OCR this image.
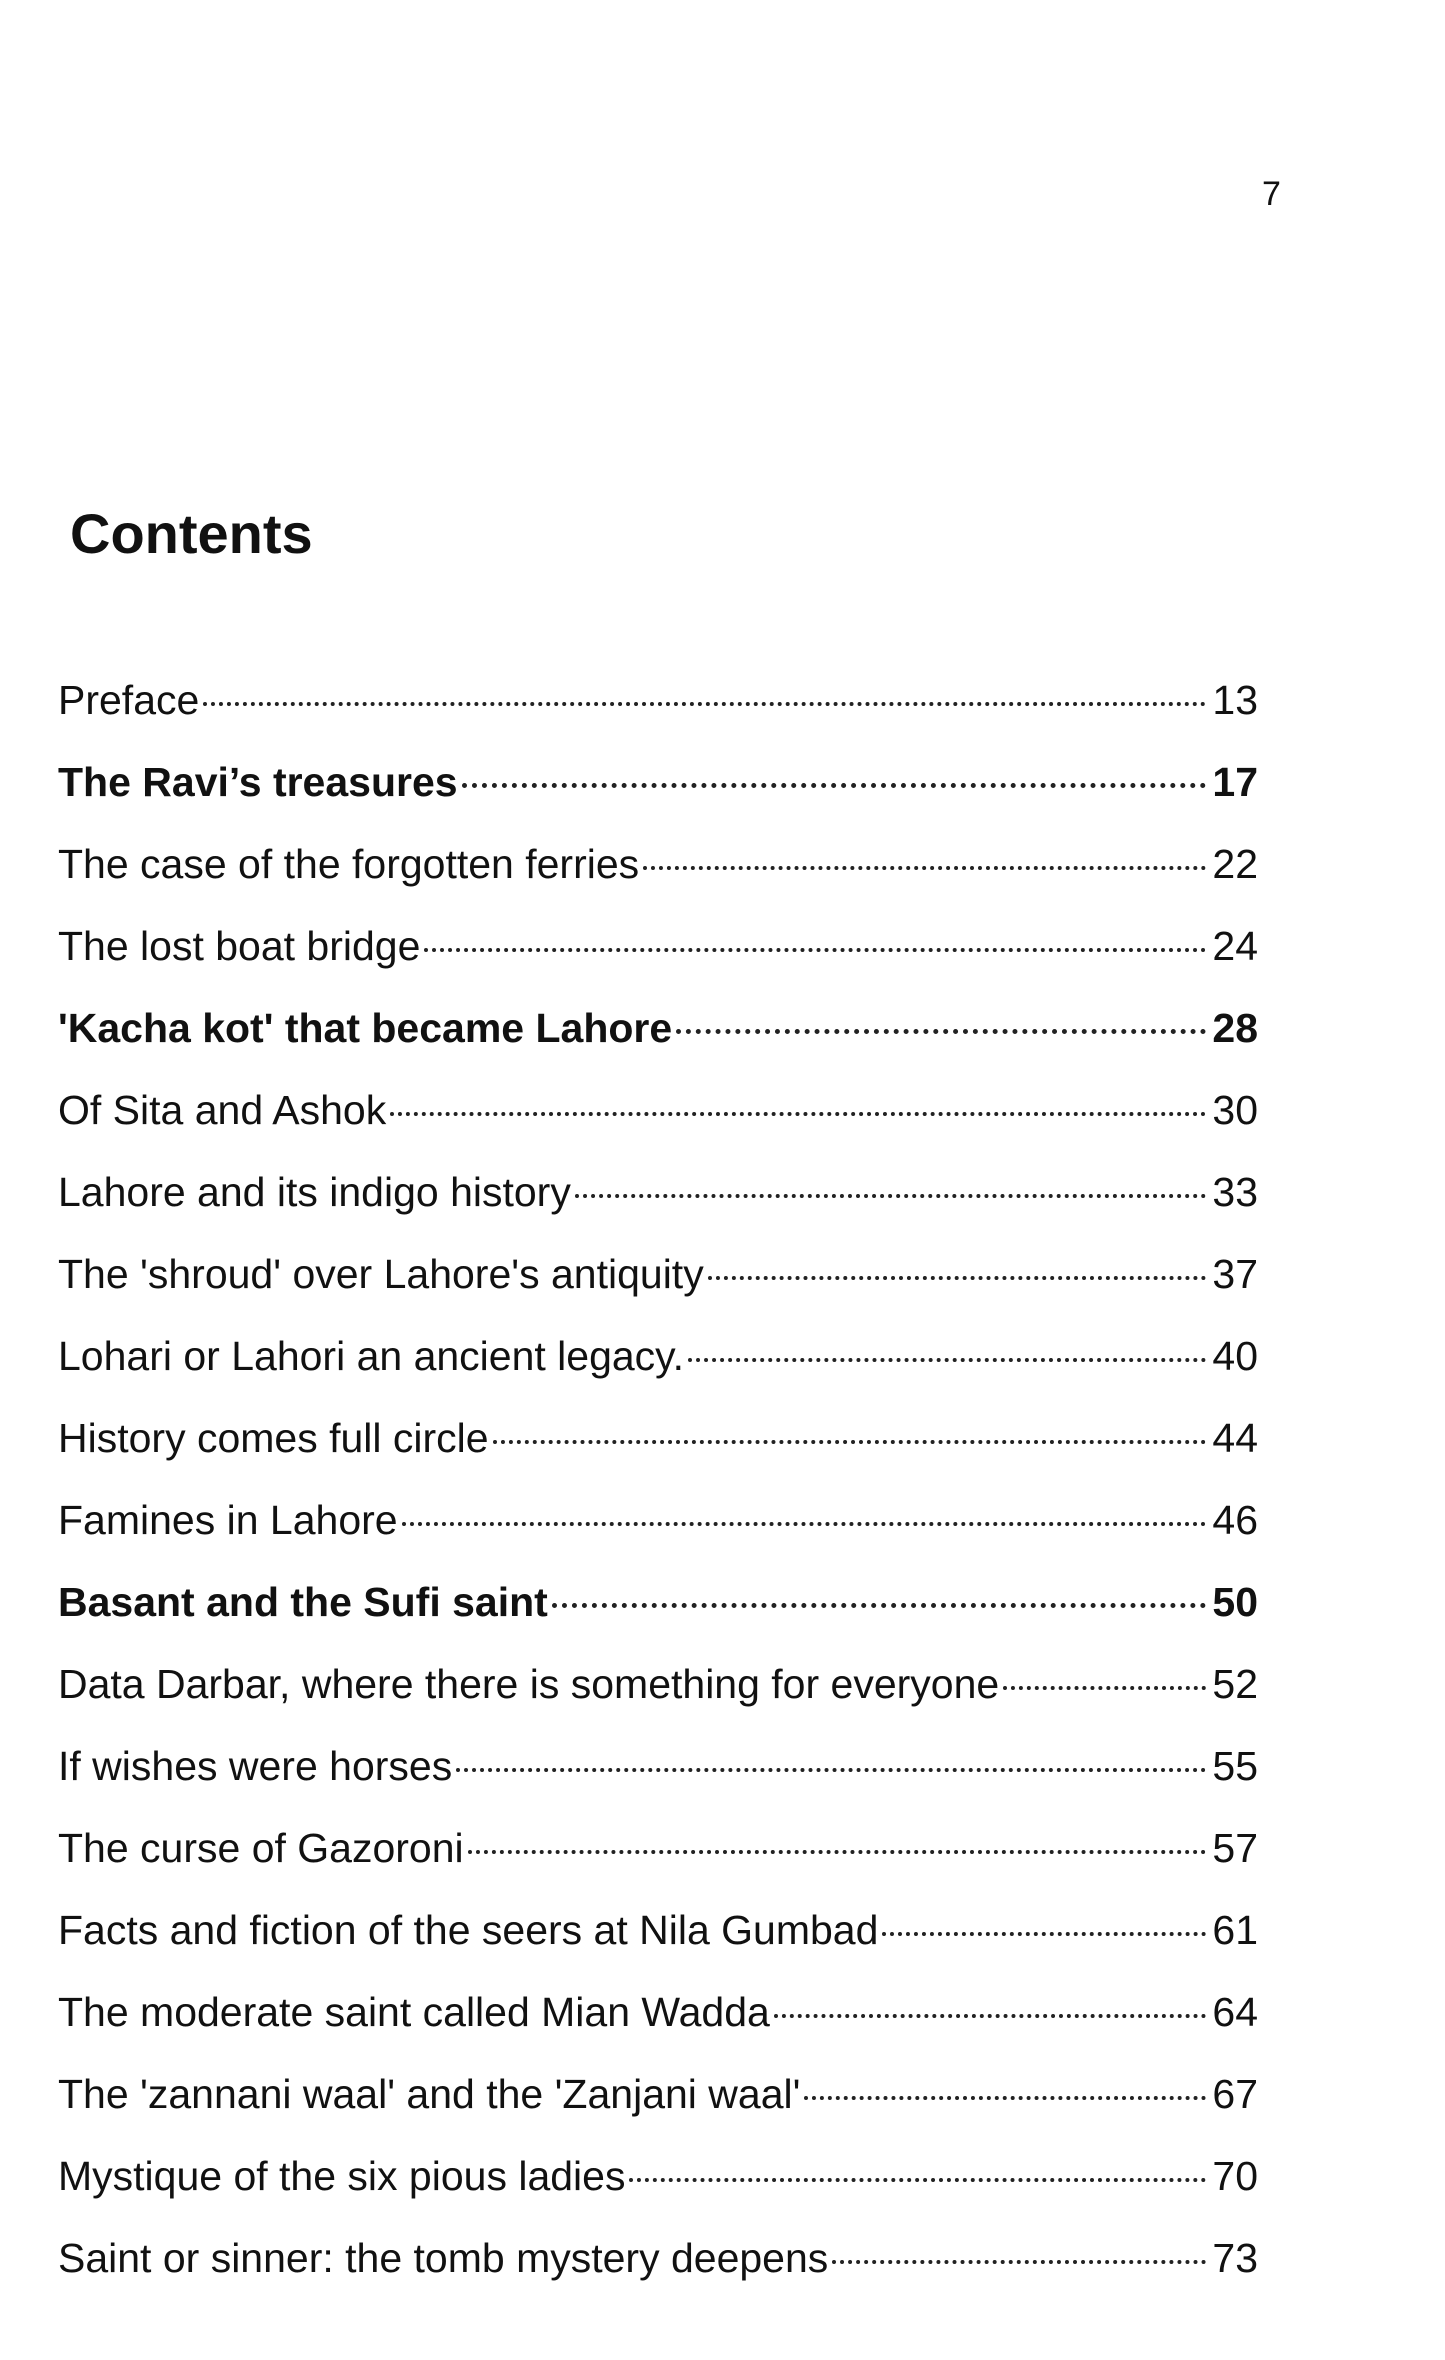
7
Contents
Preface	13
The Ravi’s treasures	17
The case of the forgotten ferries	22
The lost boat bridge	24
'Kacha kot' that became Lahore	28
Of Sita and Ashok	30
Lahore and its indigo history	33
The 'shroud' over Lahore's antiquity	37
Lohari or Lahori an ancient legacy.	40
History comes full circle	44
Famines in Lahore	46
Basant and the Sufi saint	50
Data Darbar, where there is something for everyone	52
If wishes were horses	55
The curse of Gazoroni	57
Facts and fiction of the seers at Nila Gumbad	61
The moderate saint called Mian Wadda	64
The 'zannani waal' and the 'Zanjani waal'	67
Mystique of the six pious ladies	70
Saint or sinner: the tomb mystery deepens	73
